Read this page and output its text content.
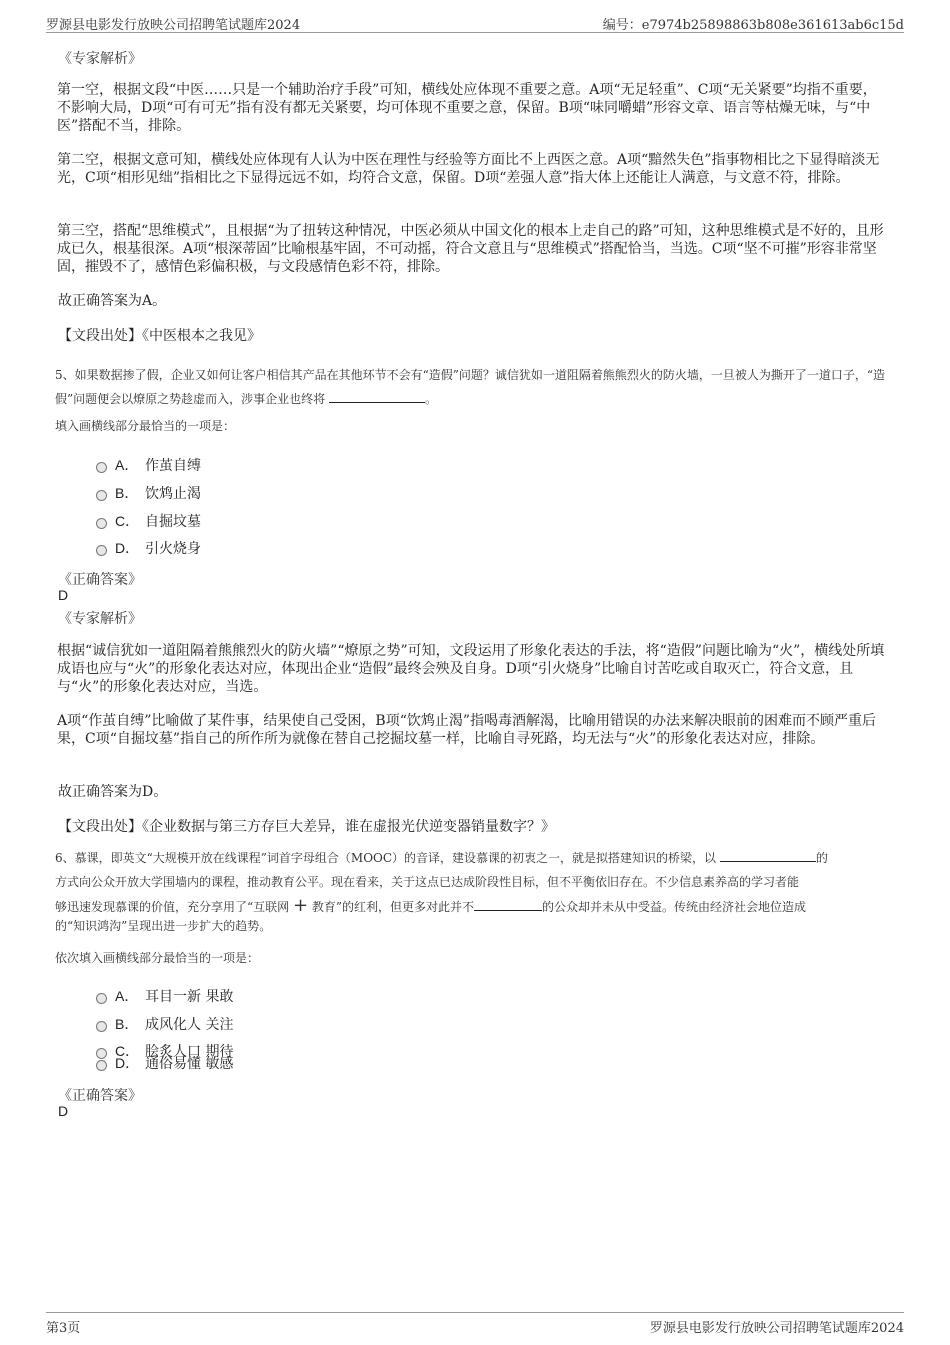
罗源县电影发行放映公司招聘笔试题库2024	编号：e7974b25898863b808e361613ab6c15d
《专家解析》
第一空，根据文段“中医……只是一个辅助治疗手段”可知，横线处应体现不重要之意。A项“无足轻重”、C项“无关紧要”均指不重要，不影响大局，D项“可有可无”指有没有都无关紧要，均可体现不重要之意，保留。B项“味同嚼蜡”形容文章、语言等枯燥无味，与“中医”搭配不当，排除。
第二空，根据文意可知，横线处应体现有人认为中医在理性与经验等方面比不上西医之意。A项“黯然失色”指事物相比之下显得暗淡无光，C项“相形见绌”指相比之下显得远远不如，均符合文意，保留。D项“差强人意”指大体上还能让人满意，与文意不符，排除。
第三空，搭配“思维模式”，且根据“为了扭转这种情况，中医必须从中国文化的根本上走自己的路”可知，这种思维模式是不好的，且形成已久，根基很深。A项“根深蒂固”比喻根基牢固，不可动摇，符合文意且与“思维模式”搭配恰当，当选。C项“坚不可摧”形容非常坚固，摧毁不了，感情色彩偏积极，与文段感情色彩不符，排除。
故正确答案为A。
【文段出处】《中医根本之我见》
5、如果数据掺了假，企业又如何让客户相信其产品在其他环节不会有“造假”问题？诚信犹如一道阻隔着熊熊烈火的防火墙，一旦被人为撕开了一道口子，“造假”问题便会以燎原之势趁虚而入，涉事企业也终将	。
填入画横线部分最恰当的一项是：
A． 作茧自缚
B． 饮鸩止渴
C． 自掘坟墓
D． 引火烧身
《正确答案》
D
《专家解析》
根据“诚信犹如一道阻隔着熊熊烈火的防火墙”“燎原之势”可知，文段运用了形象化表达的手法，将“造假”问题比喻为“火”，横线处所填成语也应与“火”的形象化表达对应，体现出企业“造假”最终会殃及自身。D项“引火烧身”比喻自讨苦吃或自取灭亡，符合文意，且与“火”的形象化表达对应，当选。
A项“作茧自缚”比喻做了某件事，结果使自己受困，B项“饮鸩止渴”指喝毒酒解渴，比喻用错误的办法来解决眼前的困难而不顾严重后果，C项“自掘坟墓”指自己的所作所为就像在替自己挖掘坟墓一样，比喻自寻死路，均无法与“火”的形象化表达对应，排除。
故正确答案为D。
【文段出处】《企业数据与第三方存巨大差异，谁在虚报光伏逆变器销量数字？》
6、慕课，即英文“大规模开放在线课程”词首字母组合（MOOC）的音译，建设慕课的初衷之一，就是拟搭建知识的桥梁，以	的
方式向公众开放大学围墙内的课程，推动教育公平。现在看来，关于这点已达成阶段性目标，但不平衡依旧存在。不少信息素养高的学习者能
够迅速发现慕课的价值，充分享用了“互联网 + 教育”的红利，但更多对此并不	的公众却并未从中受益。传统由经济社会地位造成
的“知识鸿沟”呈现出进一步扩大的趋势。
依次填入画横线部分最恰当的一项是：
A． 耳目一新 果敢
B． 成风化人 关注
C． 脍炙人口 期待
D． 通俗易懂 敏感
《正确答案》
D
第3页	罗源县电影发行放映公司招聘笔试题库2024
